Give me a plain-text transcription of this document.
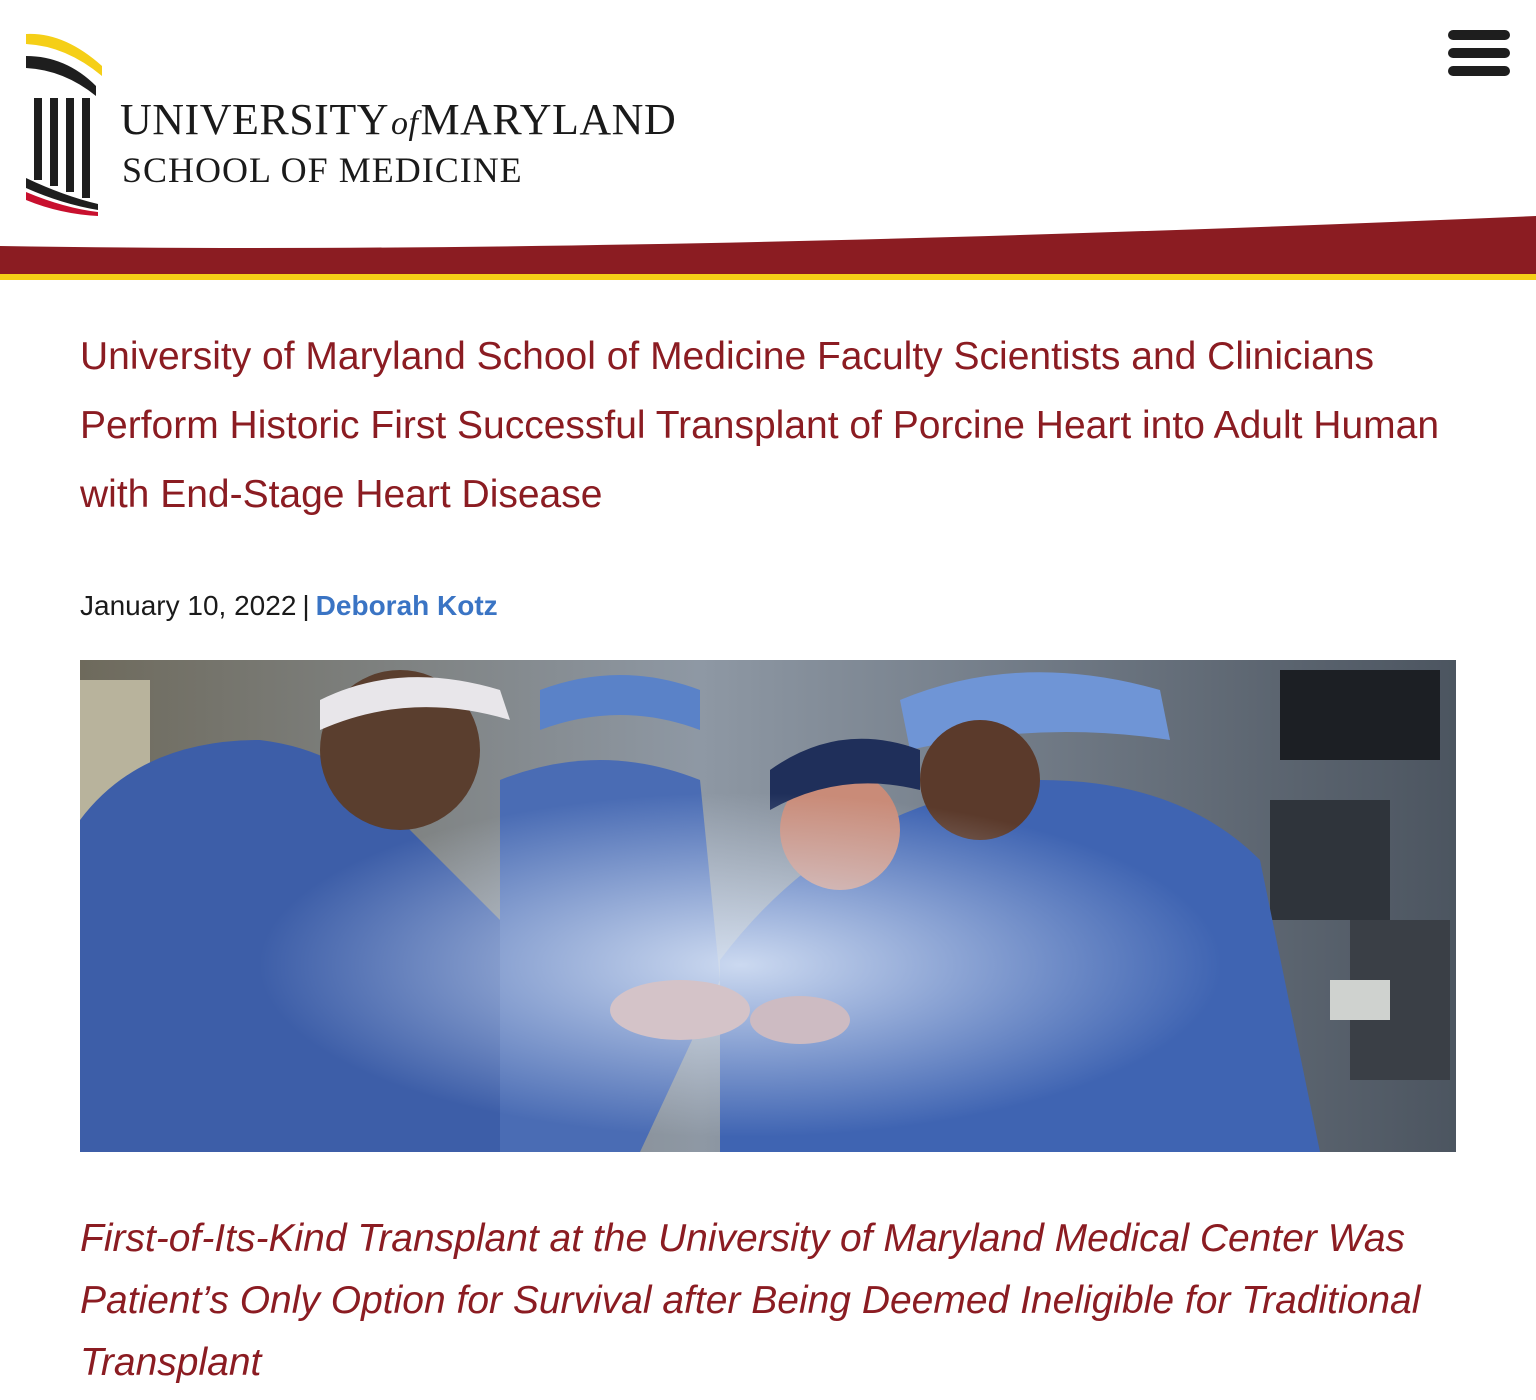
UNIVERSITYofMARYLAND
SCHOOL OF MEDICINE
University of Maryland School of Medicine Faculty Scientists and Clinicians Perform Historic First Successful Transplant of Porcine Heart into Adult Human with End-Stage Heart Disease
January 10, 2022 | Deborah Kotz
First-of-Its-Kind Transplant at the University of Maryland Medical Center Was Patient’s Only Option for Survival after Being Deemed Ineligible for Traditional Transplant
